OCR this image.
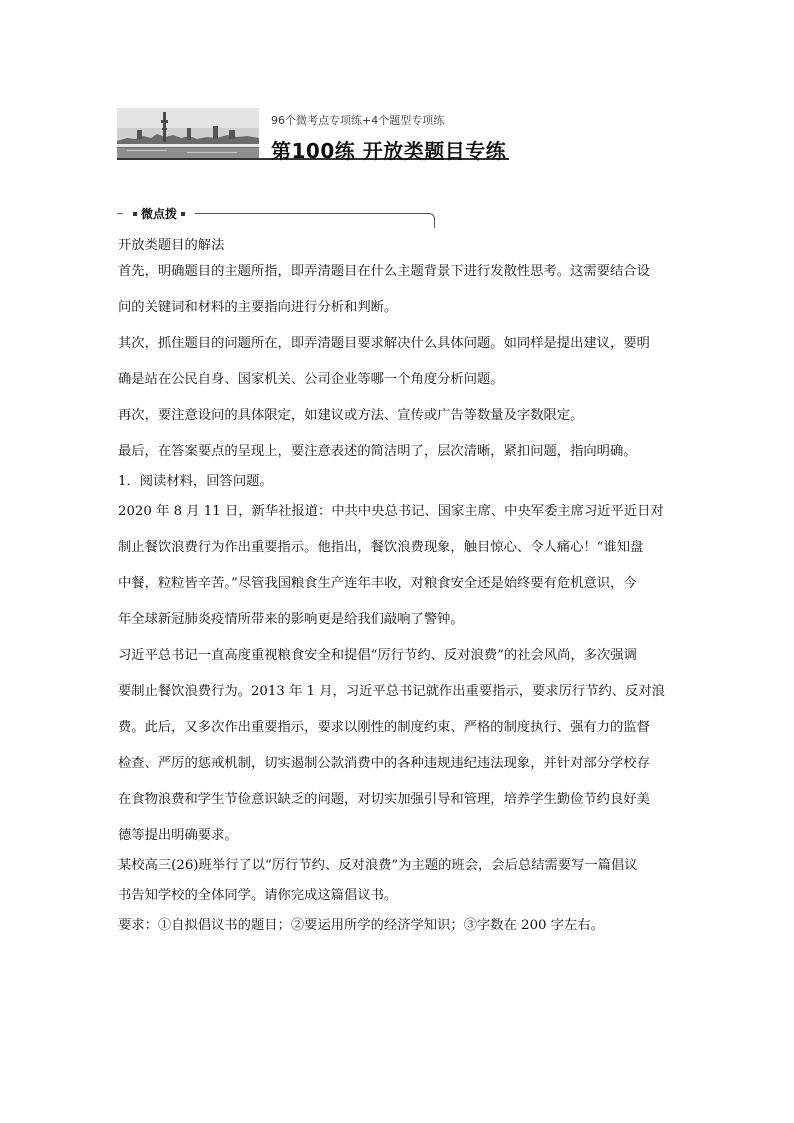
96个微考点专项练+4个题型专项练
第100练 开放类题目专练
微点拨

开放类题目的解法

首先，明确题目的主题所指，即弄清题目在什么主题背景下进行发散性思考。这需要结合设

问的关键词和材料的主要指向进行分析和判断。

其次，抓住题目的问题所在，即弄清题目要求解决什么具体问题。如同样是提出建议，要明

确是站在公民自身、国家机关、公司企业等哪一个角度分析问题。

再次，要注意设问的具体限定，如建议或方法、宣传或广告等数量及字数限定。

最后，在答案要点的呈现上，要注意表述的简洁明了，层次清晰，紧扣问题，指向明确。

1．阅读材料，回答问题。

2020 年 8 月 11 日，新华社报道：中共中央总书记、国家主席、中央军委主席习近平近日对

制止餐饮浪费行为作出重要指示。他指出，餐饮浪费现象，触目惊心、令人痛心！“谁知盘

中餐，粒粒皆辛苦。”尽管我国粮食生产连年丰收，对粮食安全还是始终要有危机意识，今

年全球新冠肺炎疫情所带来的影响更是给我们敲响了警钟。

习近平总书记一直高度重视粮食安全和提倡“厉行节约、反对浪费”的社会风尚，多次强调

要制止餐饮浪费行为。2013 年 1 月，习近平总书记就作出重要指示，要求厉行节约、反对浪

费。此后，又多次作出重要指示，要求以刚性的制度约束、严格的制度执行、强有力的监督

检查、严厉的惩戒机制，切实遏制公款消费中的各种违规违纪违法现象，并针对部分学校存

在食物浪费和学生节俭意识缺乏的问题，对切实加强引导和管理，培养学生勤俭节约良好美

德等提出明确要求。

某校高三(26)班举行了以“厉行节约、反对浪费”为主题的班会，会后总结需要写一篇倡议

书告知学校的全体同学。请你完成这篇倡议书。

要求：①自拟倡议书的题目；②要运用所学的经济学知识；③字数在 200 字左右。
